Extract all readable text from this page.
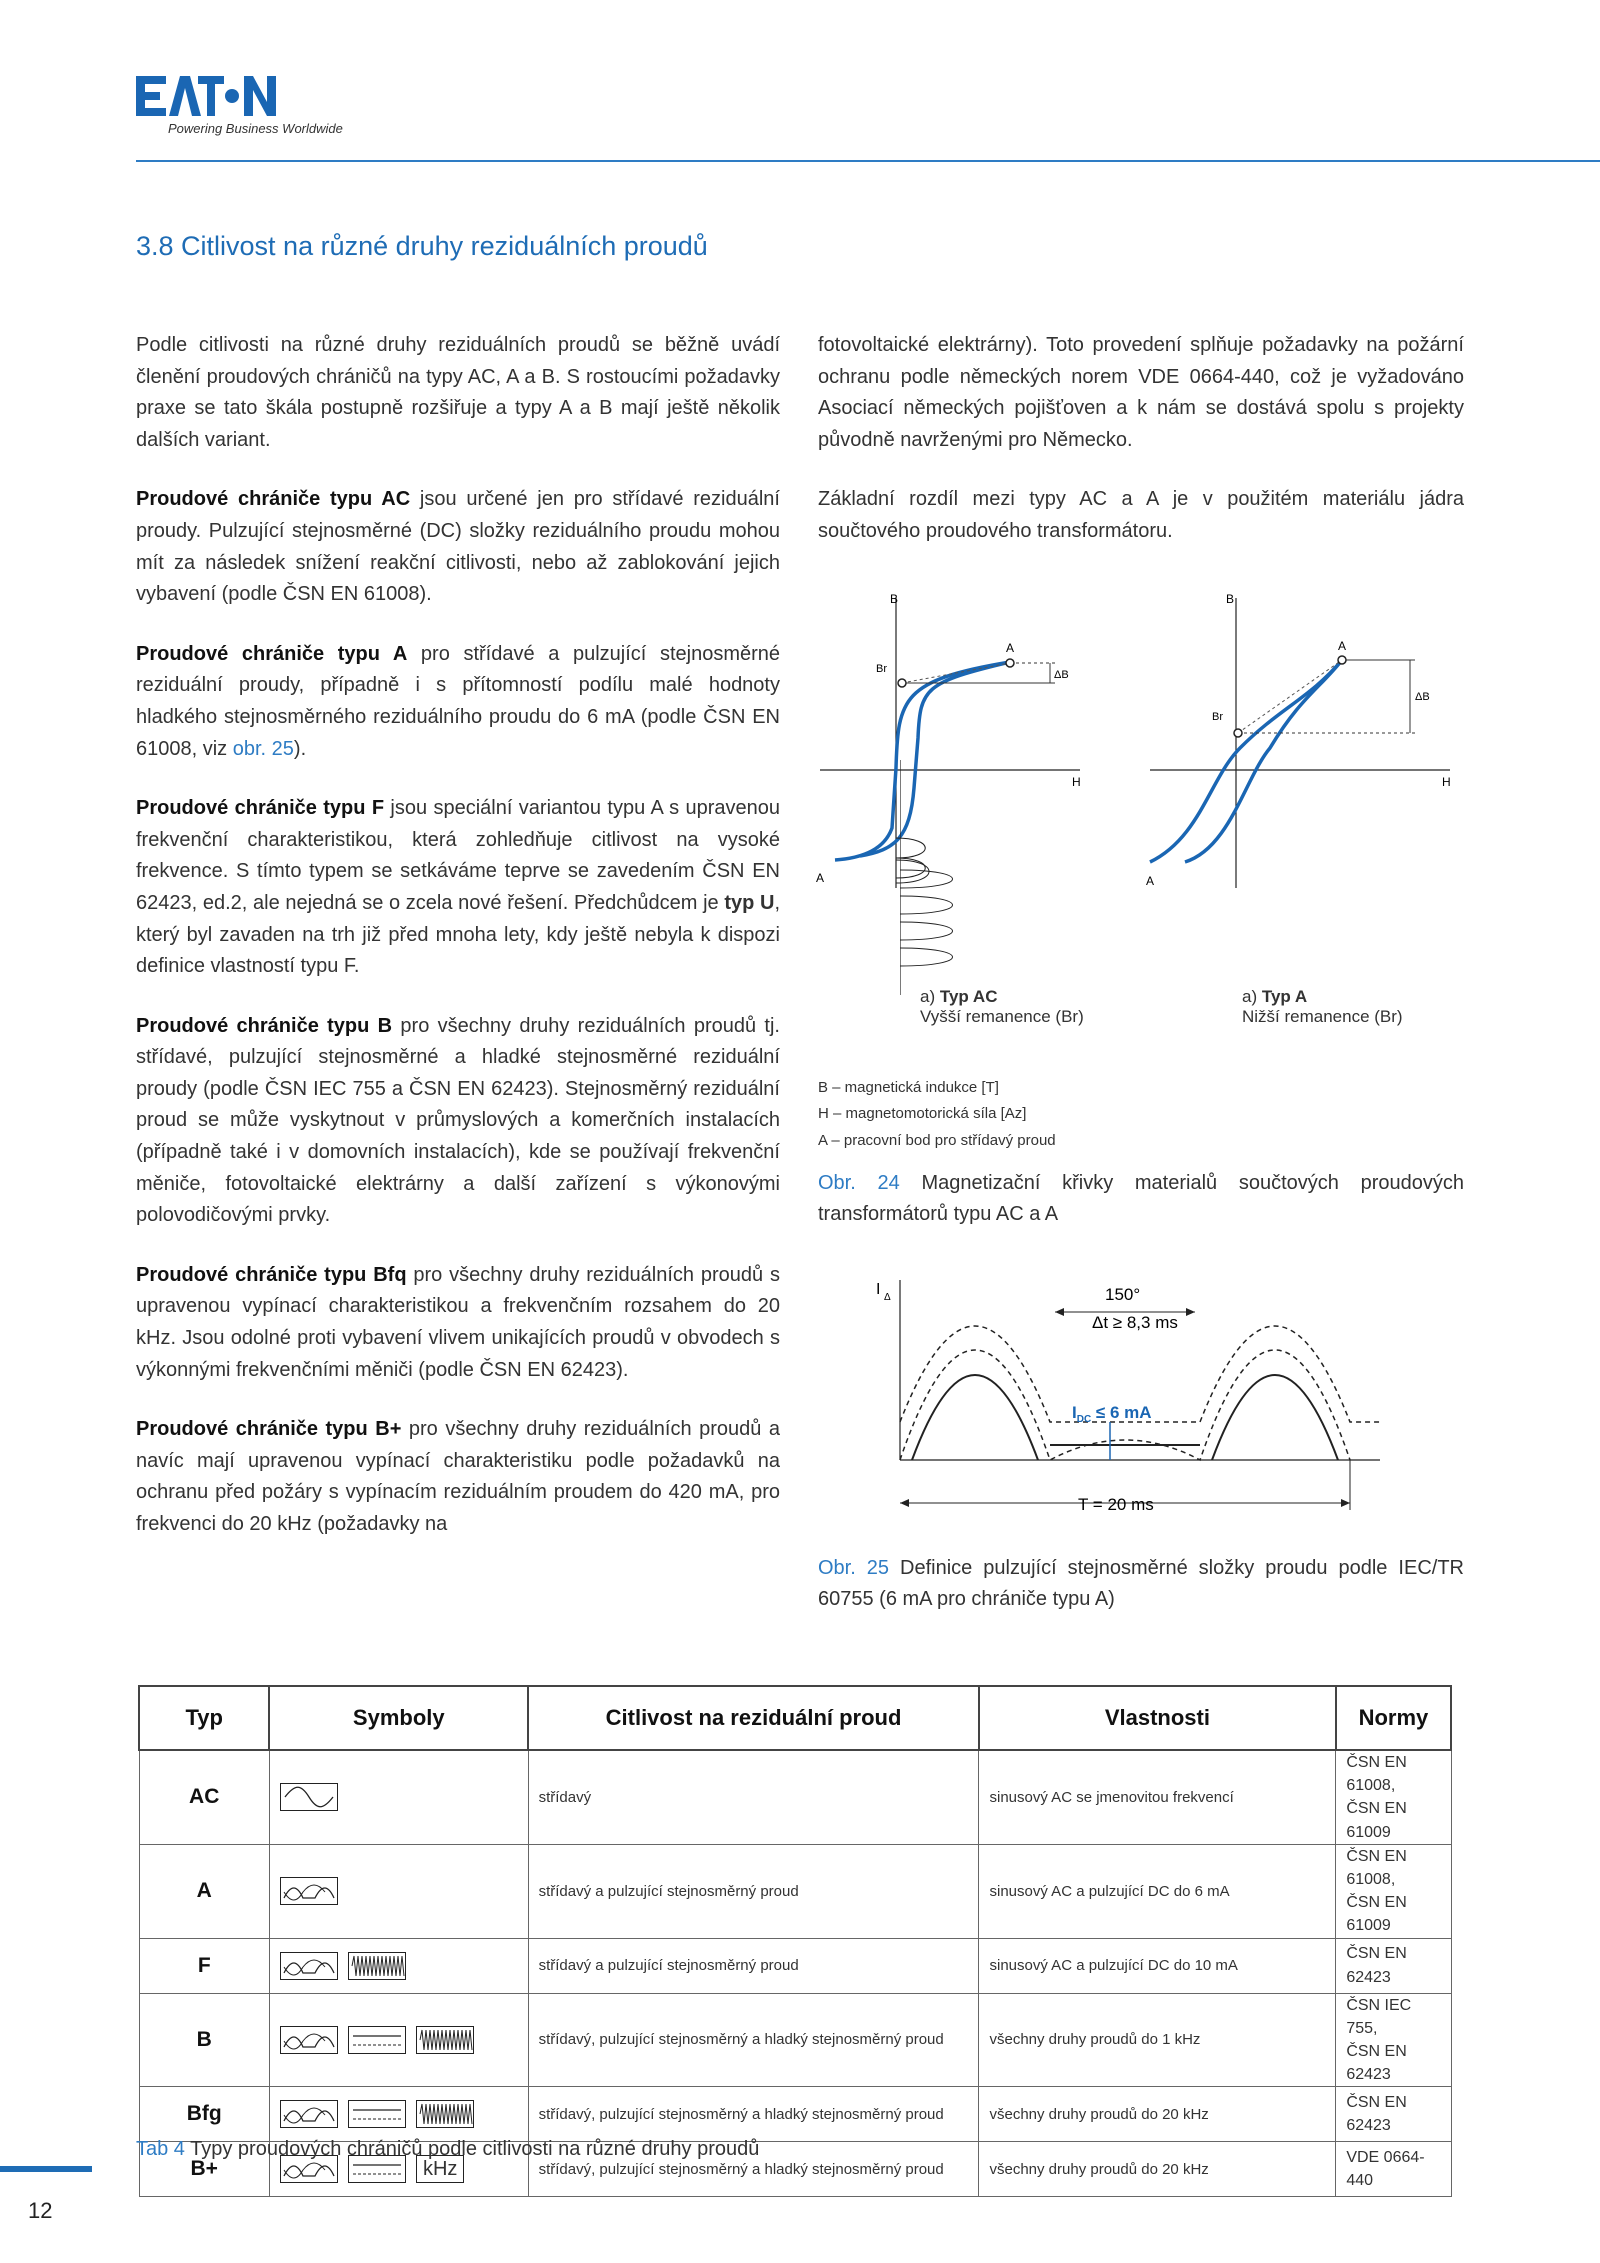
Powering Business Worldwide
3.8 Citlivost na různé druhy reziduálních proudů

Podle citlivosti na různé druhy reziduálních proudů se běžně uvádí členění proudových chráničů na typy AC, A a B. S rostoucími požadavky praxe se tato škála postupně rozšiřuje a typy A a B mají ještě několik dalších variant.

Proudové chrániče typu AC jsou určené jen pro střídavé reziduální proudy. Pulzující stejnosměrné (DC) složky reziduálního proudu mohou mít za následek snížení reakční citlivosti, nebo až zablokování jejich vybavení (podle ČSN EN 61008).

Proudové chrániče typu A pro střídavé a pulzující stejnosměrné reziduální proudy, případně i s přítomností podílu malé hodnoty hladkého stejnosměrného reziduálního proudu do 6 mA (podle ČSN EN 61008, viz obr. 25).

Proudové chrániče typu F jsou speciální variantou typu A s upravenou frekvenční charakteristikou, která zohledňuje citlivost na vysoké frekvence. S tímto typem se setkáváme teprve se zavedením ČSN EN 62423, ed.2, ale nejedná se o zcela nové řešení. Předchůdcem je typ U, který byl zavaden na trh již před mnoha lety, kdy ještě nebyla k dispozi definice vlastností typu F.

Proudové chrániče typu B pro všechny druhy reziduálních proudů tj. střídavé, pulzující stejnosměrné a hladké stejnosměrné reziduální proudy (podle ČSN IEC 755 a ČSN EN 62423). Stejnosměrný reziduální proud se může vyskytnout v průmyslových a komerčních instalacích (případně také i v domovních instalacích), kde se používají frekvenční měniče, fotovoltaické elektrárny a další zařízení s výkonovými polovodičovými prvky.

Proudové chrániče typu Bfq pro všechny druhy reziduálních proudů s upravenou vypínací charakteristikou a frekvenčním rozsahem do 20 kHz. Jsou odolné proti vybavení vlivem unikajících proudů v obvodech s výkonnými frekvenčními měniči (podle ČSN EN 62423).

Proudové chrániče typu B+ pro všechny druhy reziduálních proudů a navíc mají upravenou vypínací charakteristiku podle požadavků na ochranu před požáry s vypínacím reziduálním proudem do 420 mA, pro frekvenci do 20 kHz (požadavky na

fotovoltaické elektrárny). Toto provedení splňuje požadavky na požární ochranu podle německých norem VDE 0664-440, což je vyžadováno Asociací německých pojišťoven a k nám se dostává spolu s projekty původně navrženými pro Německo.

Základní rozdíl mezi typy AC a A je v použitém materiálu jádra součtového proudového transformátoru.

B
A
Br	ΔB
H
A
B
A
Br
ΔB
H
A
a) Typ AC
Vyšší remanence (Br)
a) Typ A
Nižší remanence (Br)
B – magnetická indukce [T]
H – magnetomotorická síla [Az]
A – pracovní bod pro střídavý proud
Obr. 24 Magnetizační křivky materialů součtových proudových transformátorů typu AC a A
I Δ	150°
Δt ≥ 8,3 ms
$I_{DC} \le 6$ mA
T = 20 ms
Obr. 25 Definice pulzující stejnosměrné složky proudu podle IEC/TR 60755 (6 mA pro chrániče typu A)
Typ	Symboly	Citlivost na reziduální proud	Vlastnosti	Normy
AC		střídavý	sinusový AC se jmenovitou frekvencí	ČSN EN 61008,
ČSN EN 61009
A		střídavý a pulzující stejnosměrný proud	sinusový AC a pulzující DC do 6 mA	ČSN EN 61008,
ČSN EN 61009
F		střídavý a pulzující stejnosměrný proud	sinusový AC a pulzující DC do 10 mA	ČSN EN 62423
B		střídavý, pulzující stejnosměrný a hladký stejnosměrný proud	všechny druhy proudů do 1 kHz	ČSN IEC 755,
ČSN EN 62423
Bfg		střídavý, pulzující stejnosměrný a hladký stejnosměrný proud	všechny druhy proudů do 20 kHz	ČSN EN 62423
B+	kHz	střídavý, pulzující stejnosměrný a hladký stejnosměrný proud	všechny druhy proudů do 20 kHz	VDE 0664-440
Tab 4 Typy proudových chráničů podle citlivosti na různé druhy proudů
12
